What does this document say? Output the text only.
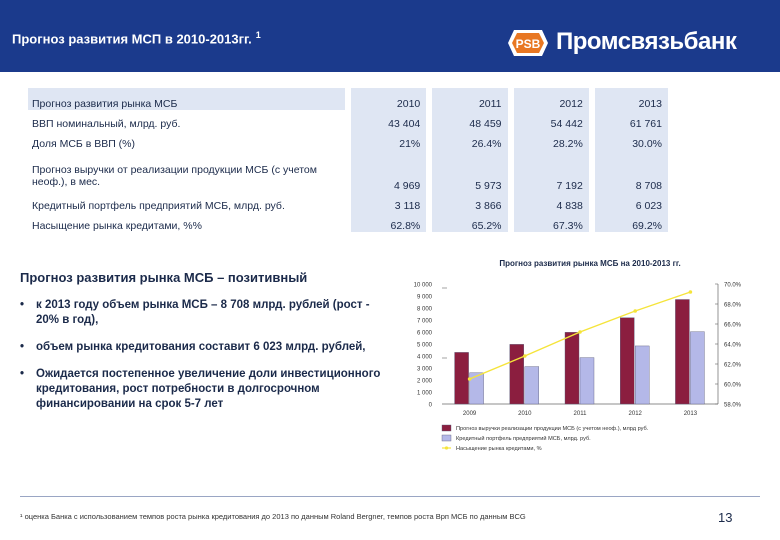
Прогноз развития МСП в 2010-2013гг. $^1$
PSB Промсвязьбанк
Прогноз развития рынка МСБ	2010	2011	2012	2013
ВВП номинальный, млрд. руб.	43 404	48 459	54 442	61 761
Доля МСБ в ВВП (%)	21%	26.4%	28.2%	30.0%
Прогноз выручки от реализации продукции МСБ (с учетом неоф.), в мес.	4 969	5 973	7 192	8 708
Кредитный портфель предприятий МСБ, млрд. руб.	3 118	3 866	4 838	6 023
Насыщение рынка кредитами, %%	62.8%	65.2%	67.3%	69.2%
Прогноз развития рынка МСБ – позитивный
• к 2013 году объем рынка МСБ – 8 708 млрд. рублей (рост - 20% в год),
• объем рынка кредитования составит 6 023 млрд. рублей,
• Ожидается постепенное увеличение доли инвестиционного кредитования, рост потребности в долгосрочном финансировании на срок 5-7 лет
Прогноз развития рынка МСБ на 2010-2013 гг.
10 000
9 000
8 000
7 000
6 000
5 000
4 000
3 000
2 000
1 000
0
70.0%
68.0%
66.0%
64.0%
62.0%
60.0%
58.0%
2009	2010	2011	2012	2013
Прогноз выручки реализации продукции МСБ (с учетом неоф.), млрд руб.
Кредитный портфель предприятий МСБ, млрд. руб.
Насыщение рынка кредитами, %
¹ оценка Банка с использованием темпов роста рынка кредитования до 2013 по данным Roland Bergner, темпов роста Врп МСБ по данным BCG	13
